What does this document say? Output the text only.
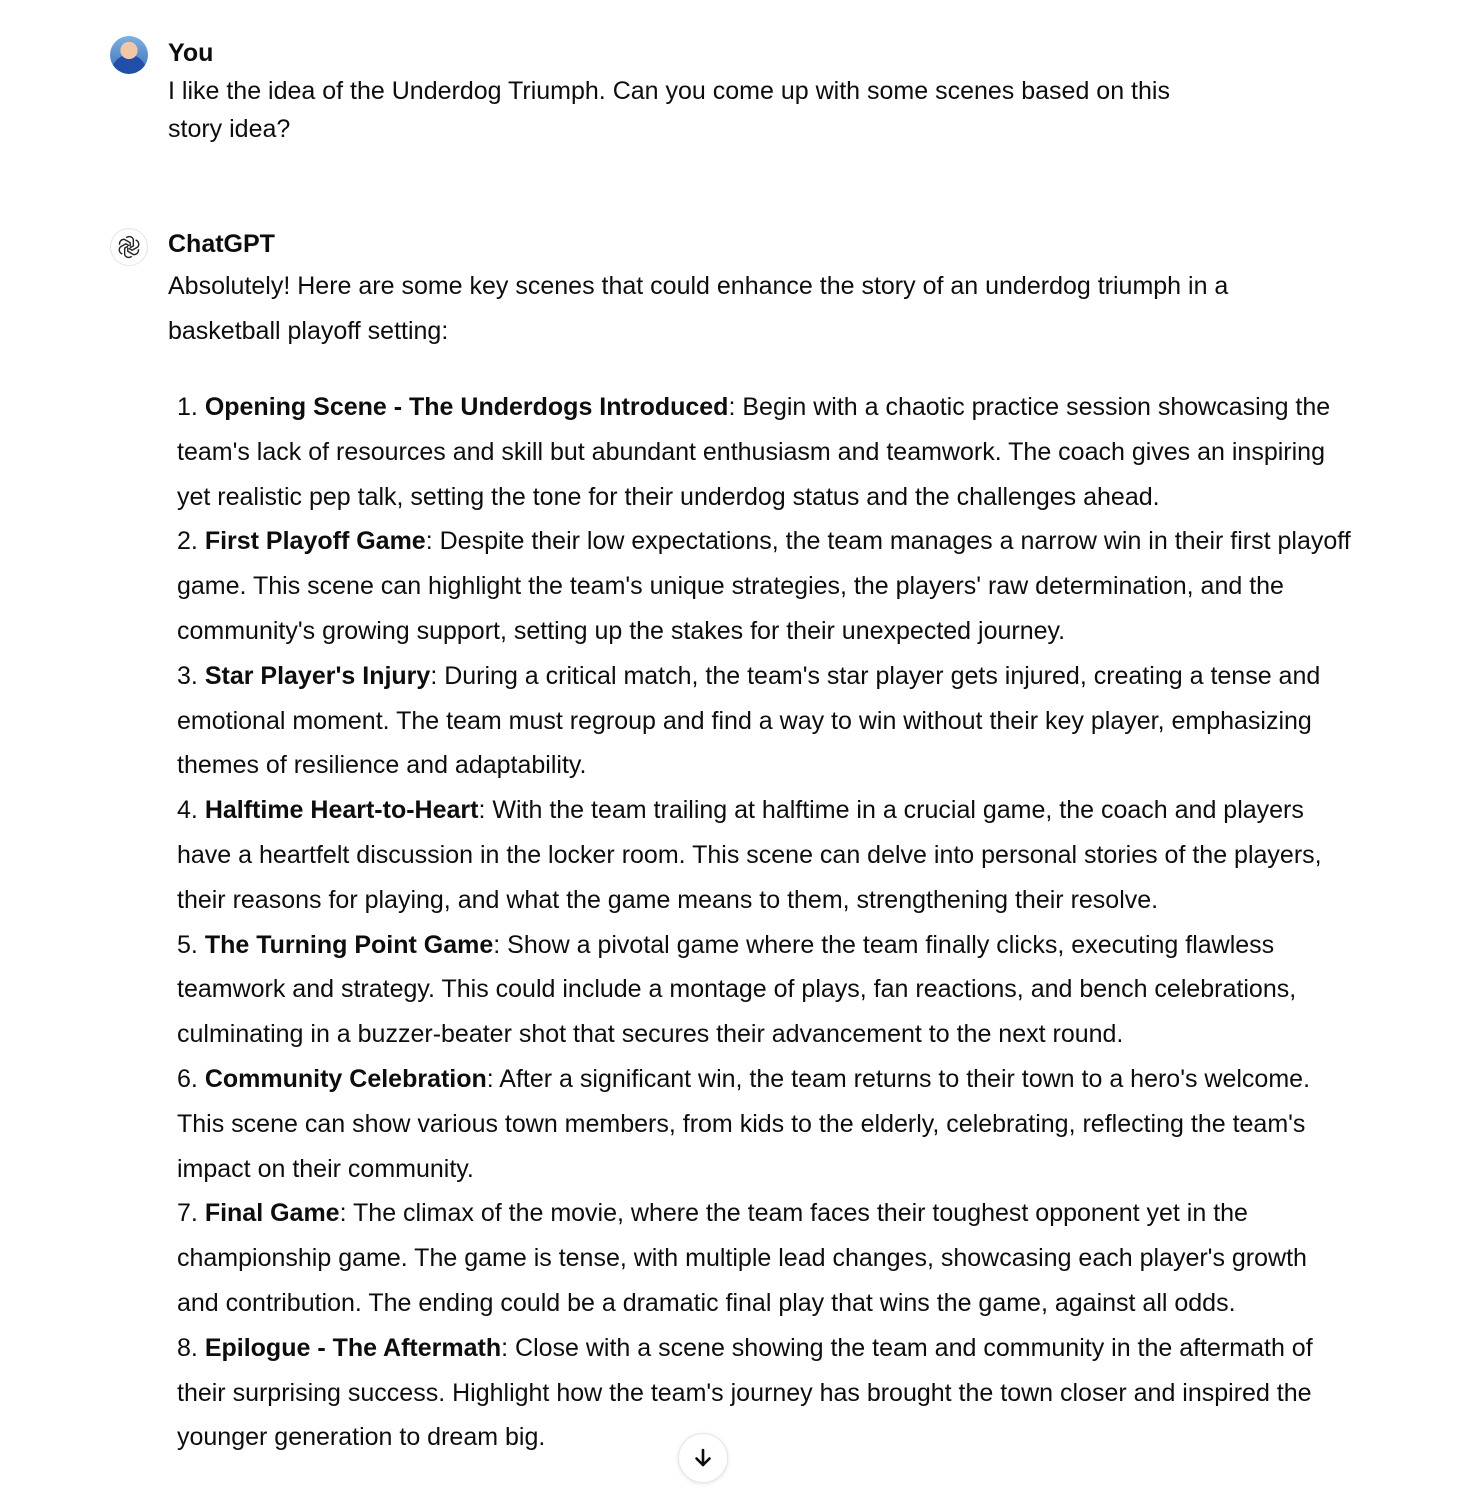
You
I like the idea of the Underdog Triumph. Can you come up with some scenes based on this story idea?
ChatGPT
Absolutely! Here are some key scenes that could enhance the story of an underdog triumph in a basketball playoff setting:
1. Opening Scene - The Underdogs Introduced: Begin with a chaotic practice session showcasing the team's lack of resources and skill but abundant enthusiasm and teamwork. The coach gives an inspiring yet realistic pep talk, setting the tone for their underdog status and the challenges ahead.
2. First Playoff Game: Despite their low expectations, the team manages a narrow win in their first playoff game. This scene can highlight the team's unique strategies, the players' raw determination, and the community's growing support, setting up the stakes for their unexpected journey.
3. Star Player's Injury: During a critical match, the team's star player gets injured, creating a tense and emotional moment. The team must regroup and find a way to win without their key player, emphasizing themes of resilience and adaptability.
4. Halftime Heart-to-Heart: With the team trailing at halftime in a crucial game, the coach and players have a heartfelt discussion in the locker room. This scene can delve into personal stories of the players, their reasons for playing, and what the game means to them, strengthening their resolve.
5. The Turning Point Game: Show a pivotal game where the team finally clicks, executing flawless teamwork and strategy. This could include a montage of plays, fan reactions, and bench celebrations, culminating in a buzzer-beater shot that secures their advancement to the next round.
6. Community Celebration: After a significant win, the team returns to their town to a hero's welcome. This scene can show various town members, from kids to the elderly, celebrating, reflecting the team's impact on their community.
7. Final Game: The climax of the movie, where the team faces their toughest opponent yet in the championship game. The game is tense, with multiple lead changes, showcasing each player's growth and contribution. The ending could be a dramatic final play that wins the game, against all odds.
8. Epilogue - The Aftermath: Close with a scene showing the team and community in the aftermath of their surprising success. Highlight how the team's journey has brought the town closer and inspired the younger generation to dream big.
